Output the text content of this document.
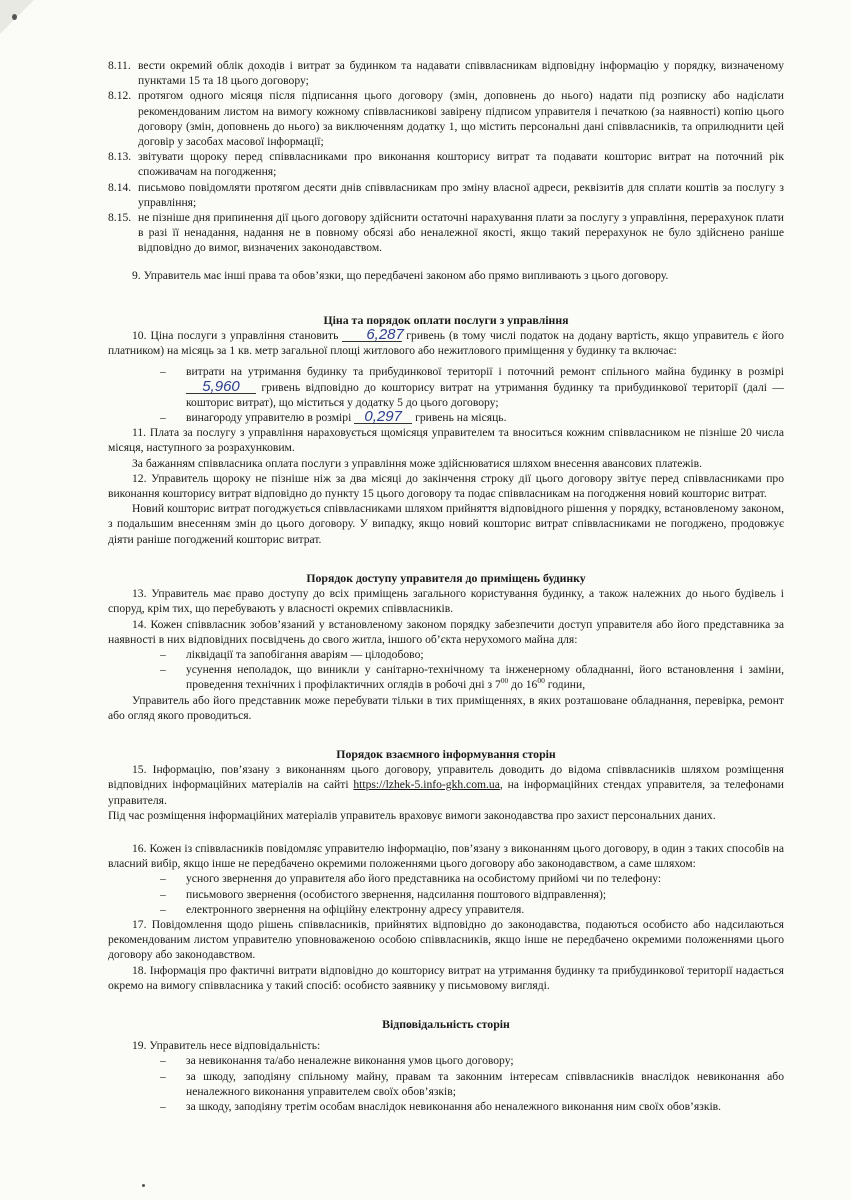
8.11. вести окремий облік доходів і витрат за будинком та надавати співвласникам відповідну інформацію у порядку, визначеному пунктами 15 та 18 цього договору;
8.12. протягом одного місяця після підписання цього договору (змін, доповнень до нього) надати під розписку або надіслати рекомендованим листом на вимогу кожному співвласникові завірену підписом управителя і печаткою (за наявності) копію цього договору (змін, доповнень до нього) за виключенням додатку 1, що містить персональні дані співвласників, та оприлюднити цей договір у засобах масової інформації;
8.13. звітувати щороку перед співвласниками про виконання кошторису витрат та подавати кошторис витрат на поточний рік споживачам на погодження;
8.14. письмово повідомляти протягом десяти днів співвласникам про зміну власної адреси, реквізитів для сплати коштів за послугу з управління;
8.15. не пізніше дня припинення дії цього договору здійснити остаточні нарахування плати за послугу з управління, перерахунок плати в разі її ненадання, надання не в повному обсязі або неналежної якості, якщо такий перерахунок не було здійснено раніше відповідно до вимог, визначених законодавством.
9. Управитель має інші права та обов’язки, що передбачені законом або прямо випливають з цього договору.
Ціна та порядок оплати послуги з управління
10. Ціна послуги з управління становить 6,287 гривень (в тому числі податок на додану вартість, якщо управитель є його платником) на місяць за 1 кв. метр загальної площі житлового або нежитлового приміщення у будинку та включає:
– витрати на утримання будинку та прибудинкової території і поточний ремонт спільного майна будинку в розмірі 5,960 гривень відповідно до кошторису витрат на утримання будинку та прибудинкової території (далі — кошторис витрат), що міститься у додатку 5 до цього договору;
– винагороду управителю в розмірі 0,297 гривень на місяць.
11. Плата за послугу з управління нараховується щомісяця управителем та вноситься кожним співвласником не пізніше 20 числа місяця, наступного за розрахунковим.
За бажанням співвласника оплата послуги з управління може здійснюватися шляхом внесення авансових платежів.
12. Управитель щороку не пізніше ніж за два місяці до закінчення строку дії цього договору звітує перед співвласниками про виконання кошторису витрат відповідно до пункту 15 цього договору та подає співвласникам на погодження новий кошторис витрат.
Новий кошторис витрат погоджується співвласниками шляхом прийняття відповідного рішення у порядку, встановленому законом, з подальшим внесенням змін до цього договору. У випадку, якщо новий кошторис витрат співвласниками не погоджено, продовжує діяти раніше погоджений кошторис витрат.
Порядок доступу управителя до приміщень будинку
13. Управитель має право доступу до всіх приміщень загального користування будинку, а також належних до нього будівель і споруд, крім тих, що перебувають у власності окремих співвласників.
14. Кожен співвласник зобов’язаний у встановленому законом порядку забезпечити доступ управителя або його представника за наявності в них відповідних посвідчень до свого житла, іншого об’єкта нерухомого майна для:
– ліквідації та запобігання аваріям — цілодобово;
– усунення неполадок, що виникли у санітарно-технічному та інженерному обладнанні, його встановлення і заміни, проведення технічних і профілактичних оглядів в робочі дні з $7^{00}$ до $16^{00}$ години,
Управитель або його представник може перебувати тільки в тих приміщеннях, в яких розташоване обладнання, перевірка, ремонт або огляд якого проводиться.
Порядок взаємного інформування сторін
15. Інформацію, пов’язану з виконанням цього договору, управитель доводить до відома співвласників шляхом розміщення відповідних інформаційних матеріалів на сайті https://lzhek-5.info-gkh.com.ua, на інформаційних стендах управителя, за телефонами управителя.
Під час розміщення інформаційних матеріалів управитель враховує вимоги законодавства про захист персональних даних.
16. Кожен із співвласників повідомляє управителю інформацію, пов’язану з виконанням цього договору, в один з таких способів на власний вибір, якщо інше не передбачено окремими положеннями цього договору або законодавством, а саме шляхом:
– усного звернення до управителя або його представника на особистому прийомі чи по телефону:
– письмового звернення (особистого звернення, надсилання поштового відправлення);
– електронного звернення на офіційну електронну адресу управителя.
17. Повідомлення щодо рішень співвласників, прийнятих відповідно до законодавства, подаються особисто або надсилаються рекомендованим листом управителю уповноваженою особою співвласників, якщо інше не передбачено окремими положеннями цього договору або законодавством.
18. Інформація про фактичні витрати відповідно до кошторису витрат на утримання будинку та прибудинкової території надається окремо на вимогу співвласника у такий спосіб: особисто заявнику у письмовому вигляді.
Відповідальність сторін
19. Управитель несе відповідальність:
– за невиконання та/або неналежне виконання умов цього договору;
– за шкоду, заподіяну спільному майну, правам та законним інтересам співвласників внаслідок невиконання або неналежного виконання управителем своїх обов’язків;
– за шкоду, заподіяну третім особам внаслідок невиконання або неналежного виконання ним своїх обов’язків.
